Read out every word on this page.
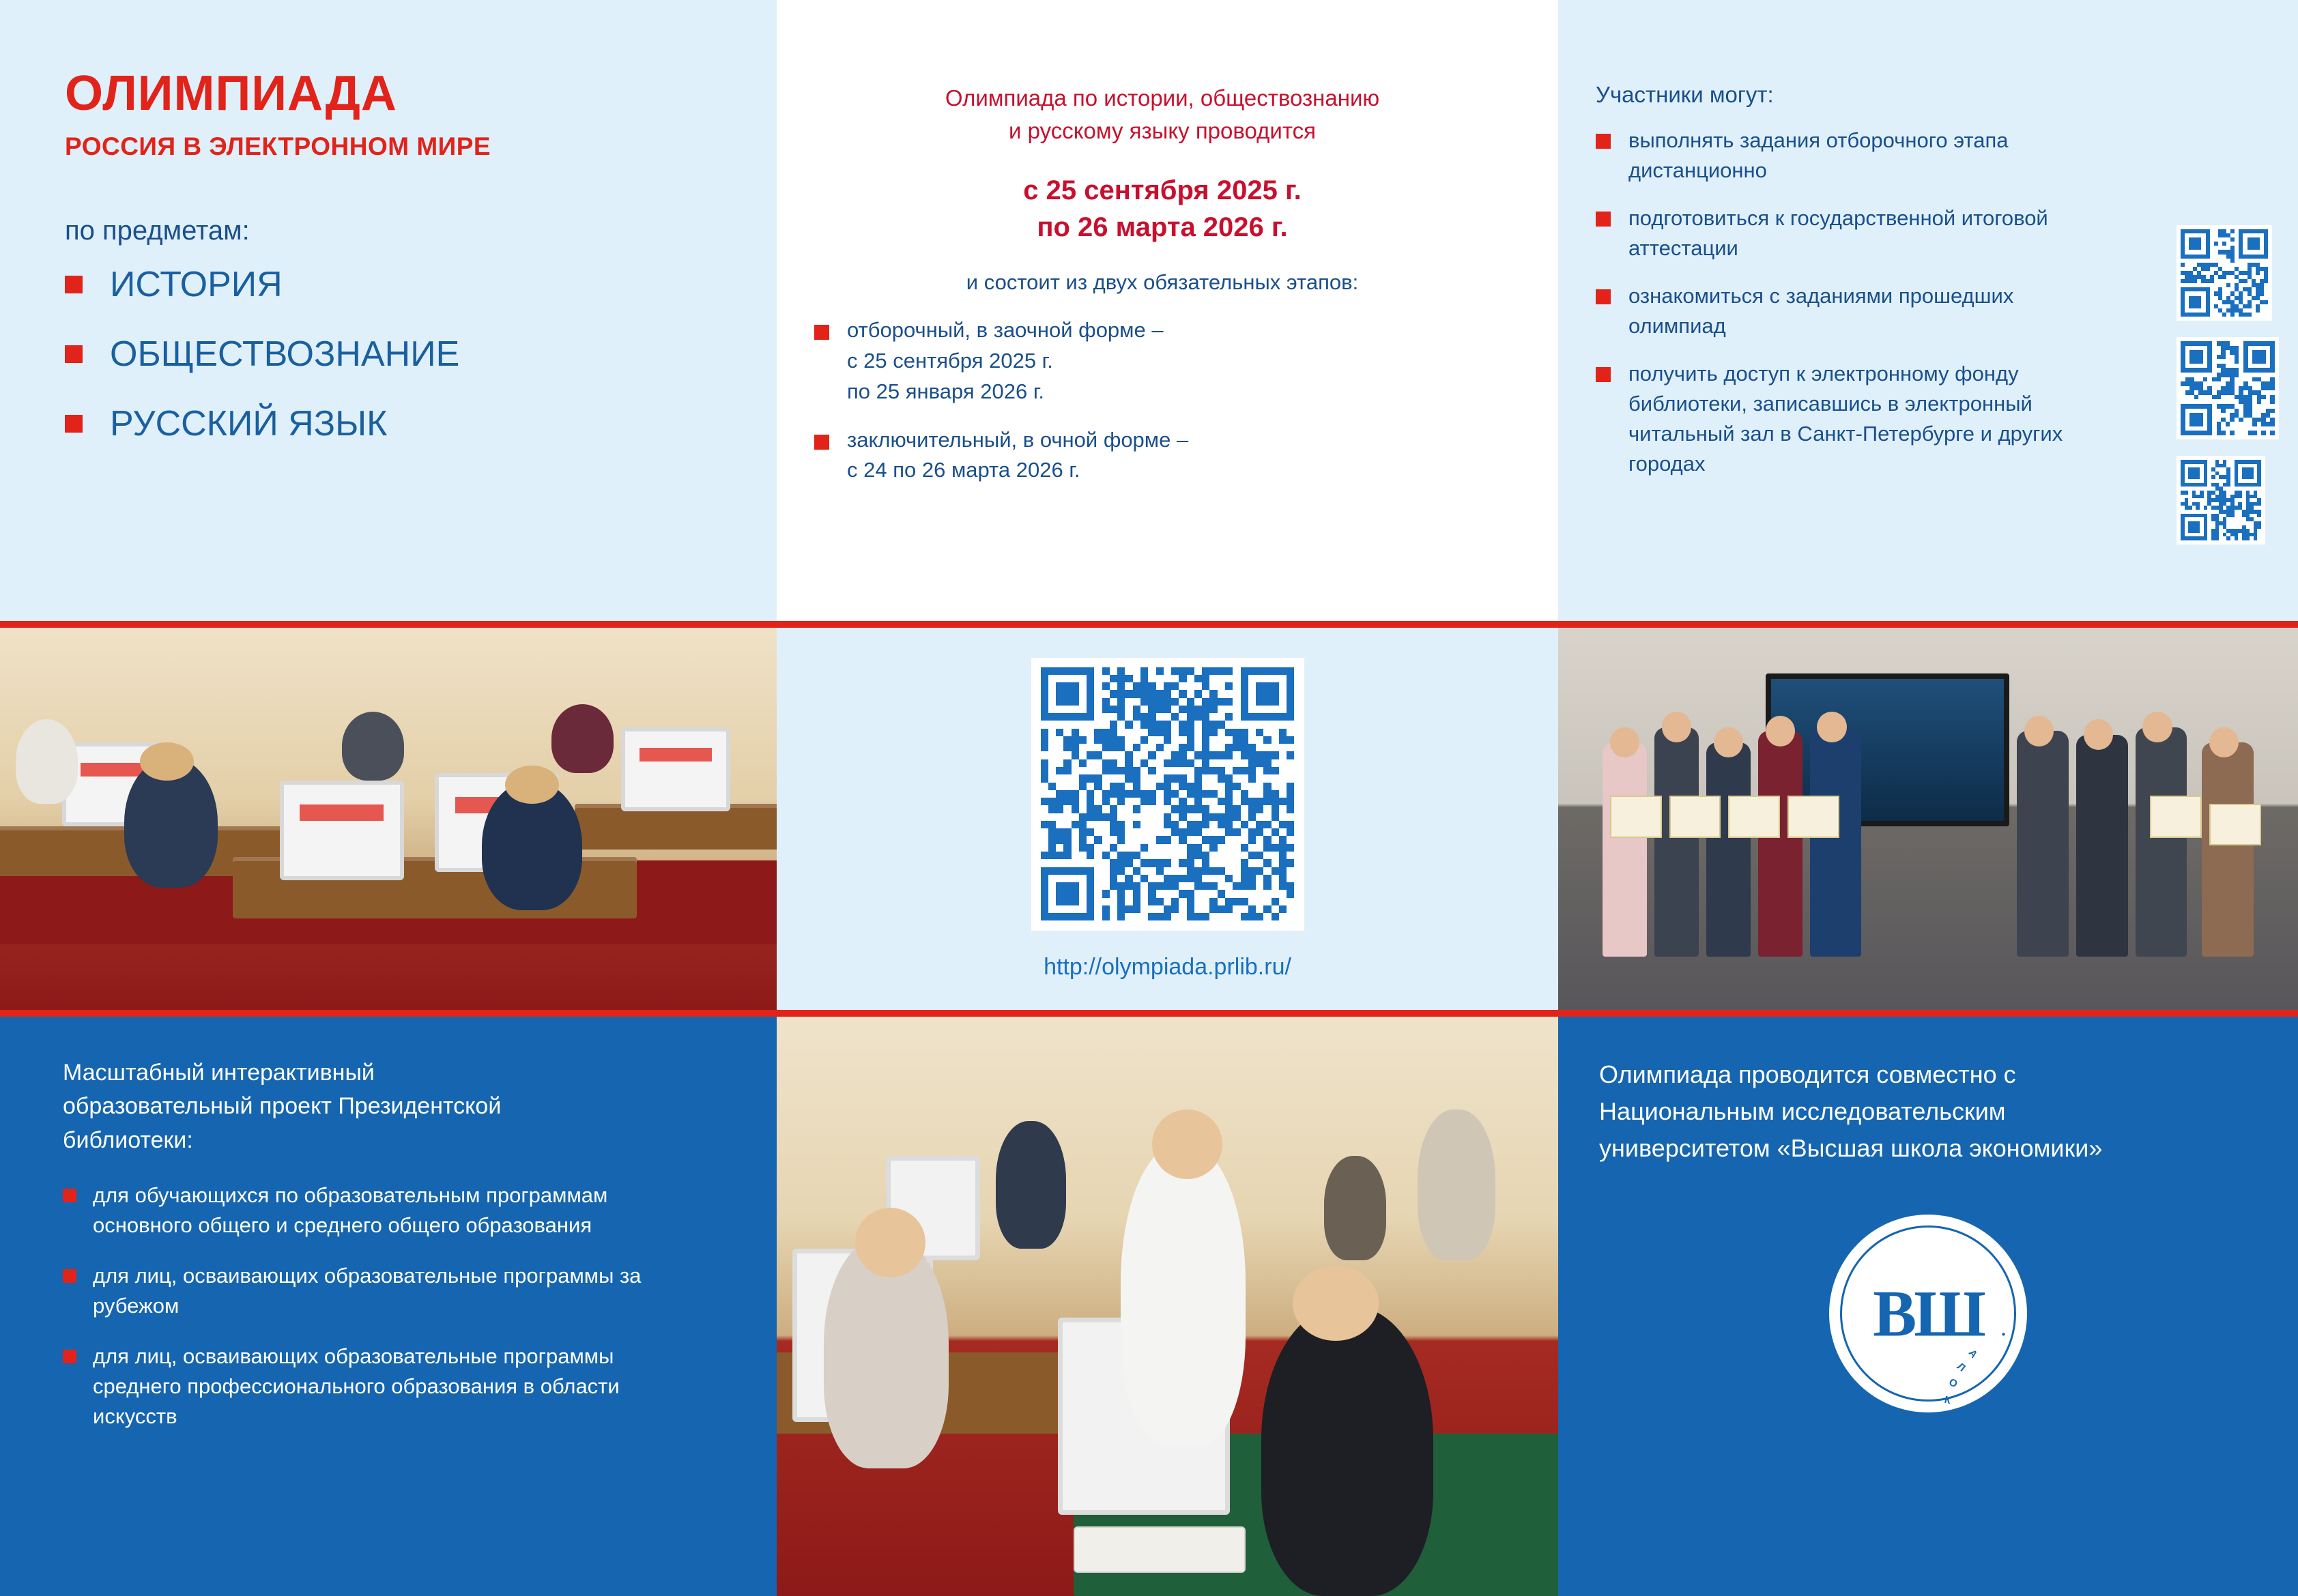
ОЛИМПИАДА
РОССИЯ В ЭЛЕКТРОННОМ МИРЕ
по предметам:
ИСТОРИЯ
ОБЩЕСТВОЗНАНИЕ
РУССКИЙ ЯЗЫК
Олимпиада по истории, обществознанию
и русскому языку проводится
с 25 сентября 2025 г.
по 26 марта 2026 г.
и состоит из двух обязательных этапов:
отборочный, в заочной форме –
с 25 сентября 2025 г.
по 25 января 2026 г.
заключительный, в очной форме –
с 24 по 26 марта 2026 г.
Участники могут:
выполнять задания отборочного этапа дистанционно
подготовиться к государственной итоговой аттестации
ознакомиться с заданиями прошедших олимпиад
получить доступ к электронному фонду библиотеки, записавшись в электронный читальный зал в Санкт-Петербурге и других городах
http://olympiada.prlib.ru/
Масштабный интерактивный образовательный проект Президентской библиотеки:
для обучающихся по образовательным программам основного общего и среднего общего образования
для лиц, осваивающих образовательные программы за рубежом
для лиц, осваивающих образовательные программы среднего профессионального образования в области искусств
Олимпиада проводится совместно с Национальным исследовательским университетом «Высшая школа экономики»
Ш
К
О
Л
А

•
Э К
О
Н
О
М
И
К
И

•

В
Ы
С
Ш
А
Я

•
ВШ
